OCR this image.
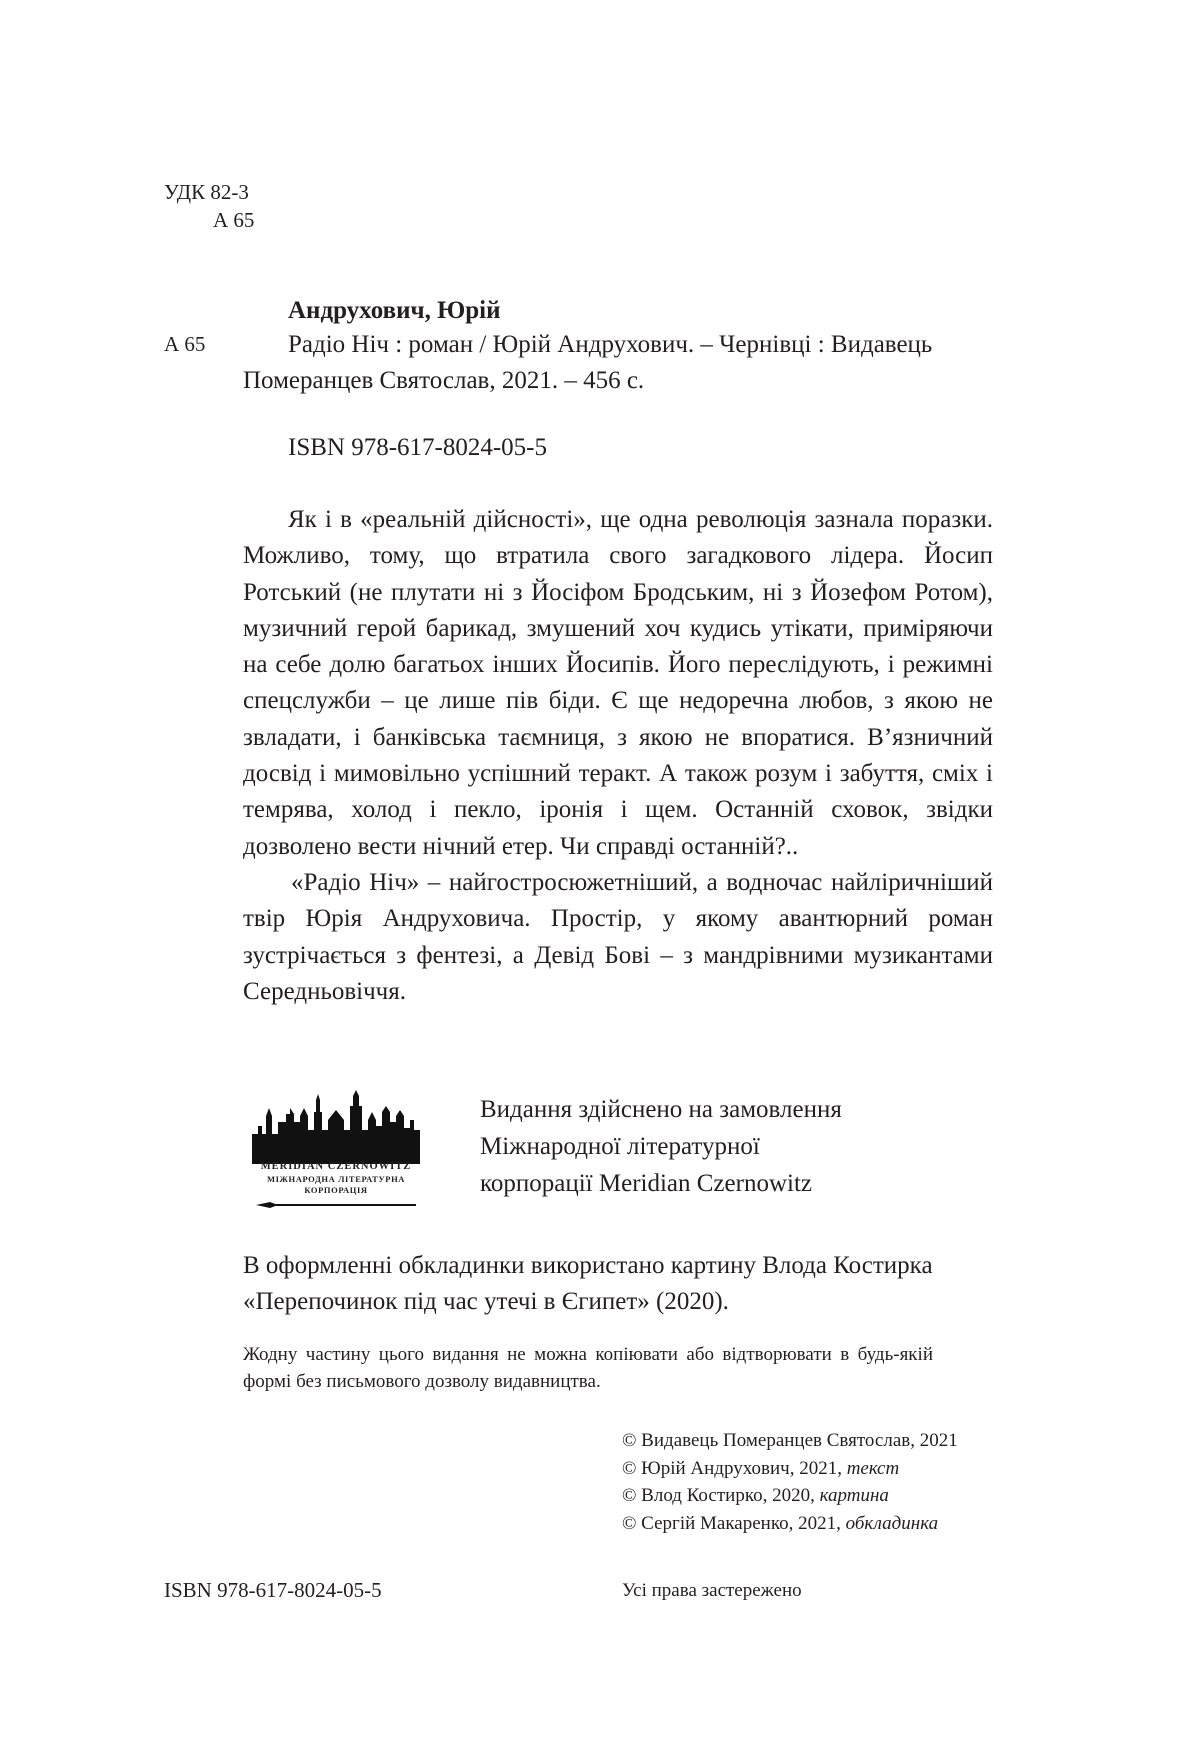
УДК 82-3
А 65
Андрухович, Юрій
А 65	Радіо Ніч : роман / Юрій Андрухович. – Чернівці : Видавець Померанцев Святослав, 2021. – 456 с.
ISBN 978-617-8024-05-5

Як і в «реальній дійсності», ще одна революція зазнала поразки. Можливо, тому, що втратила свого загадкового лідера. Йосип Ротський (не плутати ні з Йосіфом Бродським, ні з Йозефом Ротом), музичний герой барикад, змушений хоч кудись утікати, приміряючи на себе долю багатьох інших Йосипів. Його переслідують, і режимні спецслужби – це лише пів біди. Є ще недоречна любов, з якою не звладати, і банківська таємниця, з якою не впоратися. В’язничний досвід і мимовільно успішний теракт. А також розум і забуття, сміх і темрява, холод і пекло, іронія і щем. Останній сховок, звідки дозволено вести нічний етер. Чи справді останній?..

«Радіо Ніч» – найгостросюжетніший, а водночас найліричніший твір Юрія Андруховича. Простір, у якому авантюрний роман зустрічається з фентезі, а Девід Бові – з мандрівними музикантами Середньовіччя.

MERIDIAN CZERNOWITZ
МІЖНАРОДНА ЛІТЕРАТУРНА
КОРПОРАЦІЯ
Видання здійснено на замовлення
Міжнародної літературної
корпорації Meridian Czernowitz
В оформленні обкладинки використано картину Влода Костирка
«Перепочинок під час утечі в Єгипет» (2020).
Жодну частину цього видання не можна копіювати або відтворювати в будь-якій формі без письмового дозволу видавництва.
© Видавець Померанцев Святослав, 2021
© Юрій Андрухович, 2021, текст
© Влод Костирко, 2020, картина
© Сергій Макаренко, 2021, обкладинка
ISBN 978-617-8024-05-5	Усі права застережено
